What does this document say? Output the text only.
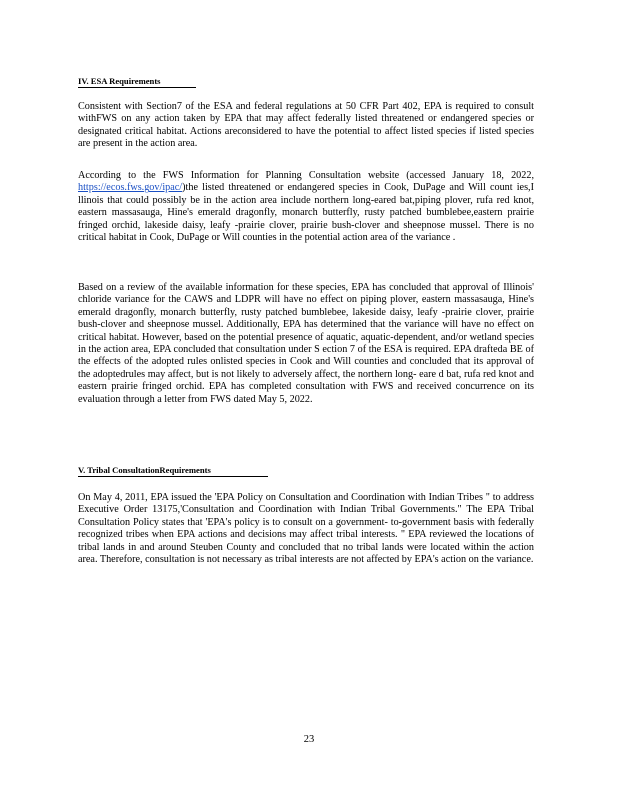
IV. ESA Requirements

Consistent with Section7 of the ESA and federal regulations at 50 CFR Part 402, EPA is required to consult withFWS on any action taken by EPA that may affect federally listed threatened or endangered species or designated critical habitat. Actions areconsidered to have the potential to affect listed species if listed species are present in the action area.

According to the FWS Information for Planning Consultation website (accessed January 18, 2022, https://ecos.fws.gov/ipac/)the listed threatened or endangered species in Cook, DuPage and Will count ies,I llinois that could possibly be in the action area include northern long-eared bat,piping plover, rufa red knot, eastern massasauga, Hine's emerald dragonfly, monarch butterfly, rusty patched bumblebee,eastern prairie fringed orchid, lakeside daisy, leafy -prairie clover, prairie bush-clover and sheepnose mussel. There is no critical habitat in Cook, DuPage or Will counties in the potential action area of the variance .

Based on a review of the available information for these species, EPA has concluded that approval of Illinois' chloride variance for the CAWS and LDPR will have no effect on piping plover, eastern massasauga, Hine's emerald dragonfly, monarch butterfly, rusty patched bumblebee, lakeside daisy, leafy -prairie clover, prairie bush-clover and sheepnose mussel. Additionally, EPA has determined that the variance will have no effect on critical habitat. However, based on the potential presence of aquatic, aquatic-dependent, and/or wetland species in the action area, EPA concluded that consultation under S ection 7 of the ESA is required. EPA drafteda BE of the effects of the adopted rules onlisted species in Cook and Will counties and concluded that its approval of the adoptedrules may affect, but is not likely to adversely affect, the northern long- eare d bat, rufa red knot and eastern prairie fringed orchid. EPA has completed consultation with FWS and received concurrence on its evaluation through a letter from FWS dated May 5, 2022.

V. Tribal ConsultationRequirements

On May 4, 2011, EPA issued the 'EPA Policy on Consultation and Coordination with Indian Tribes " to address Executive Order 13175,'Consultation and Coordination with Indian Tribal Governments." The EPA Tribal Consultation Policy states that 'EPA's policy is to consult on a government- to-government basis with federally recognized tribes when EPA actions and decisions may affect tribal interests. " EPA reviewed the locations of tribal lands in and around Steuben County and concluded that no tribal lands were located within the action area. Therefore, consultation is not necessary as tribal interests are not affected by EPA's action on the variance.

23
